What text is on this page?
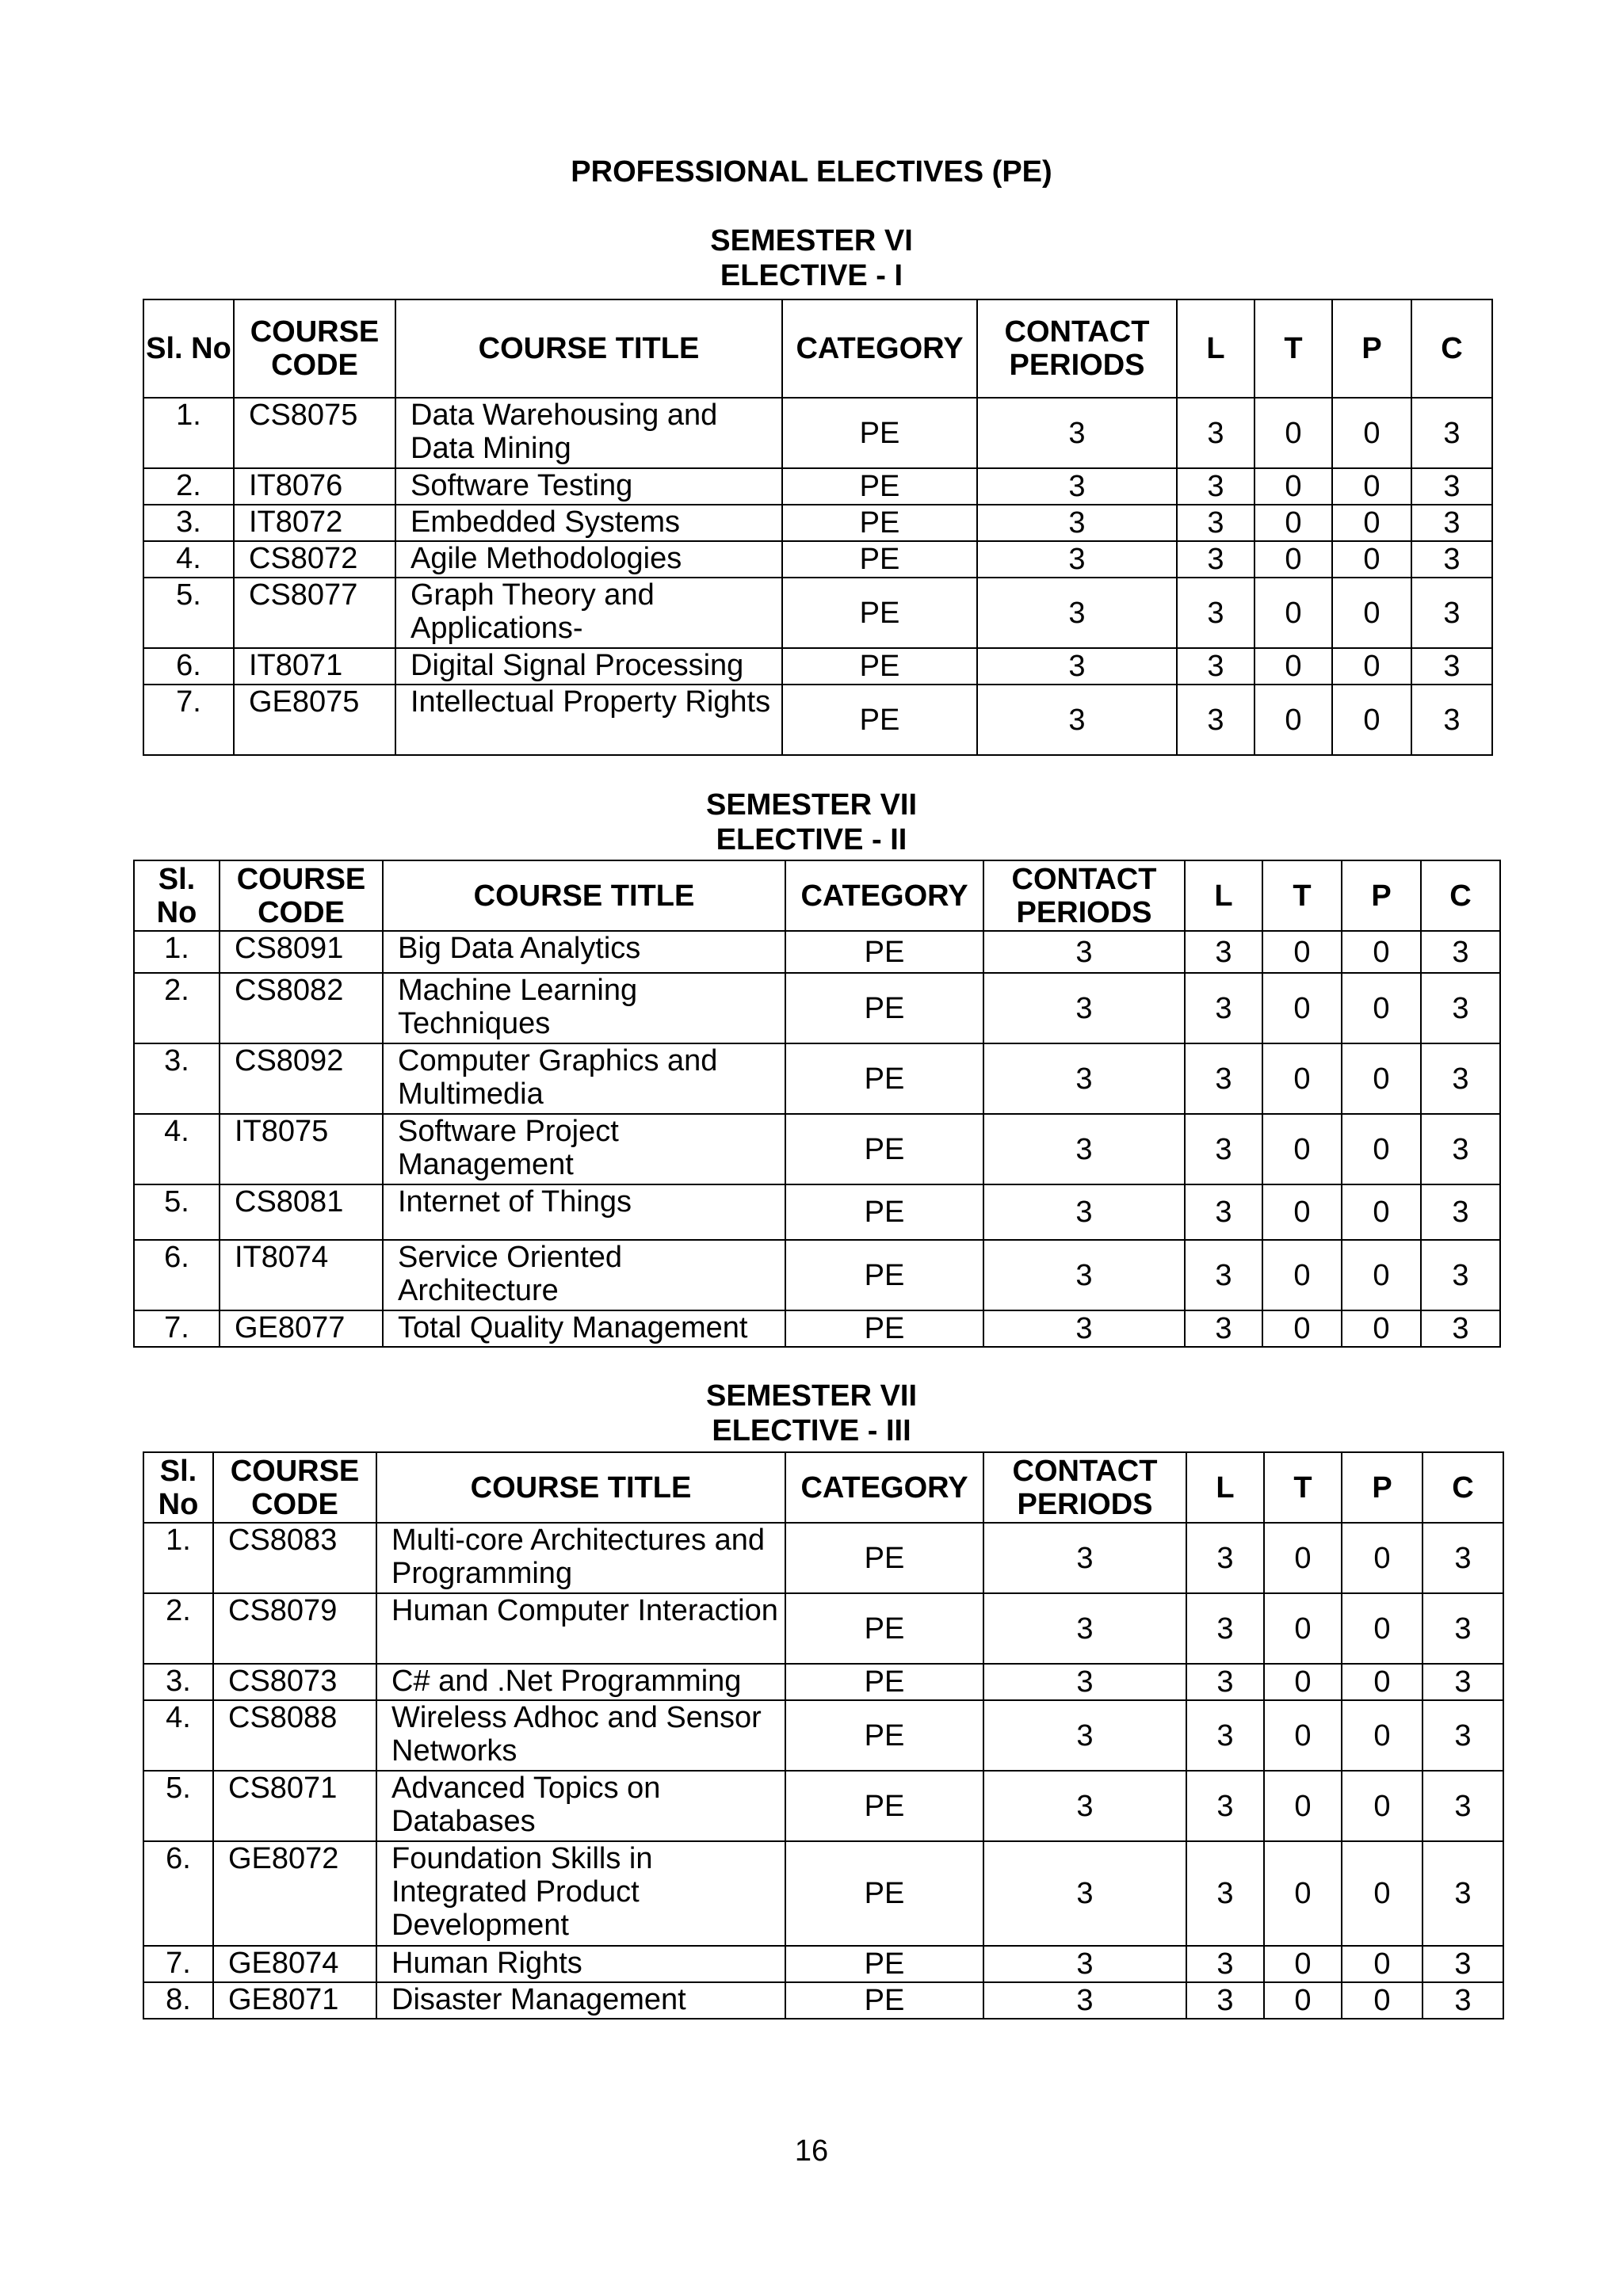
PROFESSIONAL ELECTIVES (PE)
SEMESTER VI
ELECTIVE - I
Sl. No	COURSE CODE	COURSE TITLE	CATEGORY	CONTACT PERIODS	L	T	P	C
1.	CS8075	Data Warehousing and Data Mining	PE	3	3	0	0	3
2.	IT8076	Software Testing	PE	3	3	0	0	3
3.	IT8072	Embedded Systems	PE	3	3	0	0	3
4.	CS8072	Agile Methodologies	PE	3	3	0	0	3
5.	CS8077	Graph Theory and Applications-	PE	3	3	0	0	3
6.	IT8071	Digital Signal Processing	PE	3	3	0	0	3
7.	GE8075	Intellectual Property Rights	PE	3	3	0	0	3
SEMESTER VII
ELECTIVE - II
Sl. No	COURSE CODE	COURSE TITLE	CATEGORY	CONTACT PERIODS	L	T	P	C
1.	CS8091	Big Data Analytics	PE	3	3	0	0	3
2.	CS8082	Machine Learning Techniques	PE	3	3	0	0	3
3.	CS8092	Computer Graphics and Multimedia	PE	3	3	0	0	3
4.	IT8075	Software Project Management	PE	3	3	0	0	3
5.	CS8081	Internet of Things	PE	3	3	0	0	3
6.	IT8074	Service Oriented Architecture	PE	3	3	0	0	3
7.	GE8077	Total Quality Management	PE	3	3	0	0	3
SEMESTER VII
ELECTIVE - III
Sl. No	COURSE CODE	COURSE TITLE	CATEGORY	CONTACT PERIODS	L	T	P	C
1.	CS8083	Multi-core Architectures and Programming	PE	3	3	0	0	3
2.	CS8079	Human Computer Interaction	PE	3	3	0	0	3
3.	CS8073	C# and .Net Programming	PE	3	3	0	0	3
4.	CS8088	Wireless Adhoc and Sensor Networks	PE	3	3	0	0	3
5.	CS8071	Advanced Topics on Databases	PE	3	3	0	0	3
6.	GE8072	Foundation Skills in Integrated Product Development	PE	3	3	0	0	3
7.	GE8074	Human Rights	PE	3	3	0	0	3
8.	GE8071	Disaster Management	PE	3	3	0	0	3
16
